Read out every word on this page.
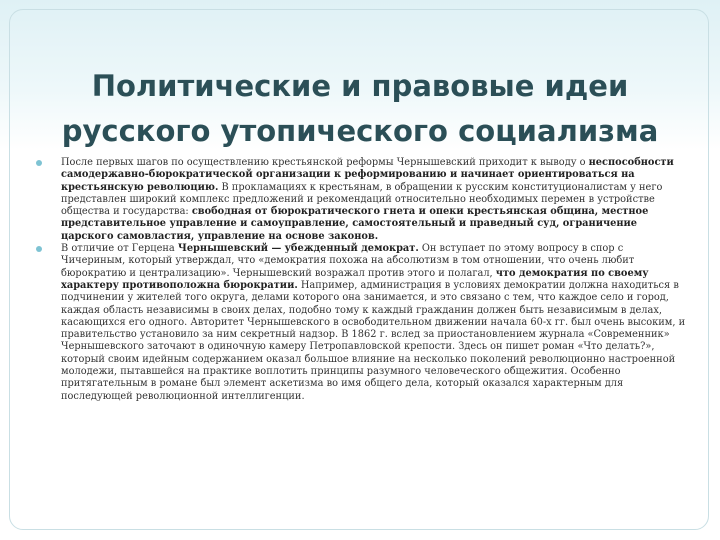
Политические и правовые идеи русского утопического социализма

После первых шагов по осуществлению крестьянской реформы Чернышевский приходит к выводу о неспособности самодержавно-бюрократической организации к реформированию и начинает ориентироваться на крестьянскую революцию. В прокламациях к крестьянам, в обращении к русским конституционалистам у него представлен широкий комплекс предложений и рекомендаций относительно необходимых перемен в устройстве общества и государства: свободная от бюрократического гнета и опеки крестьянская община, местное представительное управление и самоуправление, самостоятельный и праведный суд, ограничение царского самовластия, управление на основе законов.

В отличие от Герцена Чернышевский — убежденный демократ. Он вступает по этому вопросу в спор с Чичериным, который утверждал, что «демократия похожа на абсолютизм в том отношении, что очень любит бюрократию и централизацию». Чернышевский возражал против этого и полагал, что демократия по своему характеру противоположна бюрократии. Например, администрация в условиях демократии должна находиться в подчинении у жителей того округа, делами которого она занимается, и это связано с тем, что каждое село и город, каждая область независимы в своих делах, подобно тому к каждый гражданин должен быть независимым в делах, касающихся его одного. Авторитет Чернышевского в освободительном движении начала 60-х гг. был очень высоким, и правительство установило за ним секретный надзор. В 1862 г. вслед за приостановлением журнала «Современник» Чернышевского заточают в одиночную камеру Петропавловской крепости. Здесь он пишет роман «Что делать?», который своим идейным содержанием оказал большое влияние на несколько поколений революционно настроенной молодежи, пытавшейся на практике воплотить принципы разумного человеческого общежития. Особенно притягательным в романе был элемент аскетизма во имя общего дела, который оказался характерным для последующей революционной интеллигенции.
